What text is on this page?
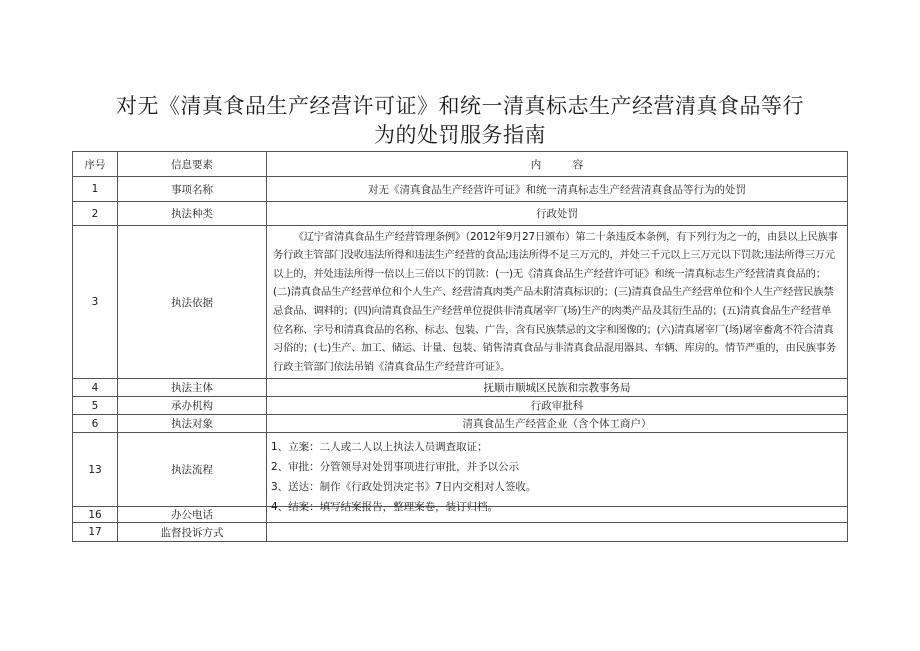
对无《清真食品生产经营许可证》和统一清真标志生产经营清真食品等行
为的处罚服务指南
序号	信息要素	内　　　容
1	事项名称	对无《清真食品生产经营许可证》和统一清真标志生产经营清真食品等行为的处罚
2	执法种类	行政处罚
3	执法依据	《辽宁省清真食品生产经营管理条例》（2012年9月27日颁布）第二十条违反本条例，有下列行为之一的，由县以上民族事务行政主管部门没收违法所得和违法生产经营的食品;违法所得不足三万元的，并处三千元以上三万元以下罚款;违法所得三万元以上的，并处违法所得一倍以上三倍以下的罚款：(一)无《清真食品生产经营许可证》和统一清真标志生产经营清真食品的；(二)清真食品生产经营单位和个人生产、经营清真肉类产品未附清真标识的；(三)清真食品生产经营单位和个人生产经营民族禁忌食品、调料的；(四)向清真食品生产经营单位提供非清真屠宰厂(场)生产的肉类产品及其衍生品的；(五)清真食品生产经营单位名称、字号和清真食品的名称、标志、包装、广告，含有民族禁忌的文字和图像的；(六)清真屠宰厂(场)屠宰畜禽不符合清真习俗的；(七)生产、加工、储运、计量、包装、销售清真食品与非清真食品混用器具、车辆、库房的。情节严重的，由民族事务行政主管部门依法吊销《清真食品生产经营许可证》。
4	执法主体	抚顺市顺城区民族和宗教事务局
5	承办机构	行政审批科
6	执法对象	清真食品生产经营企业（含个体工商户）
13	执法流程	1、立案：二人或二人以上执法人员调查取证；
2、审批：分管领导对处罚事项进行审批，并予以公示
3、送达：制作《行政处罚决定书》7日内交相对人签收。
4、结案：填写结案报告，整理案卷，装订归档。

16	办公电话	
17	监督投诉方式	
